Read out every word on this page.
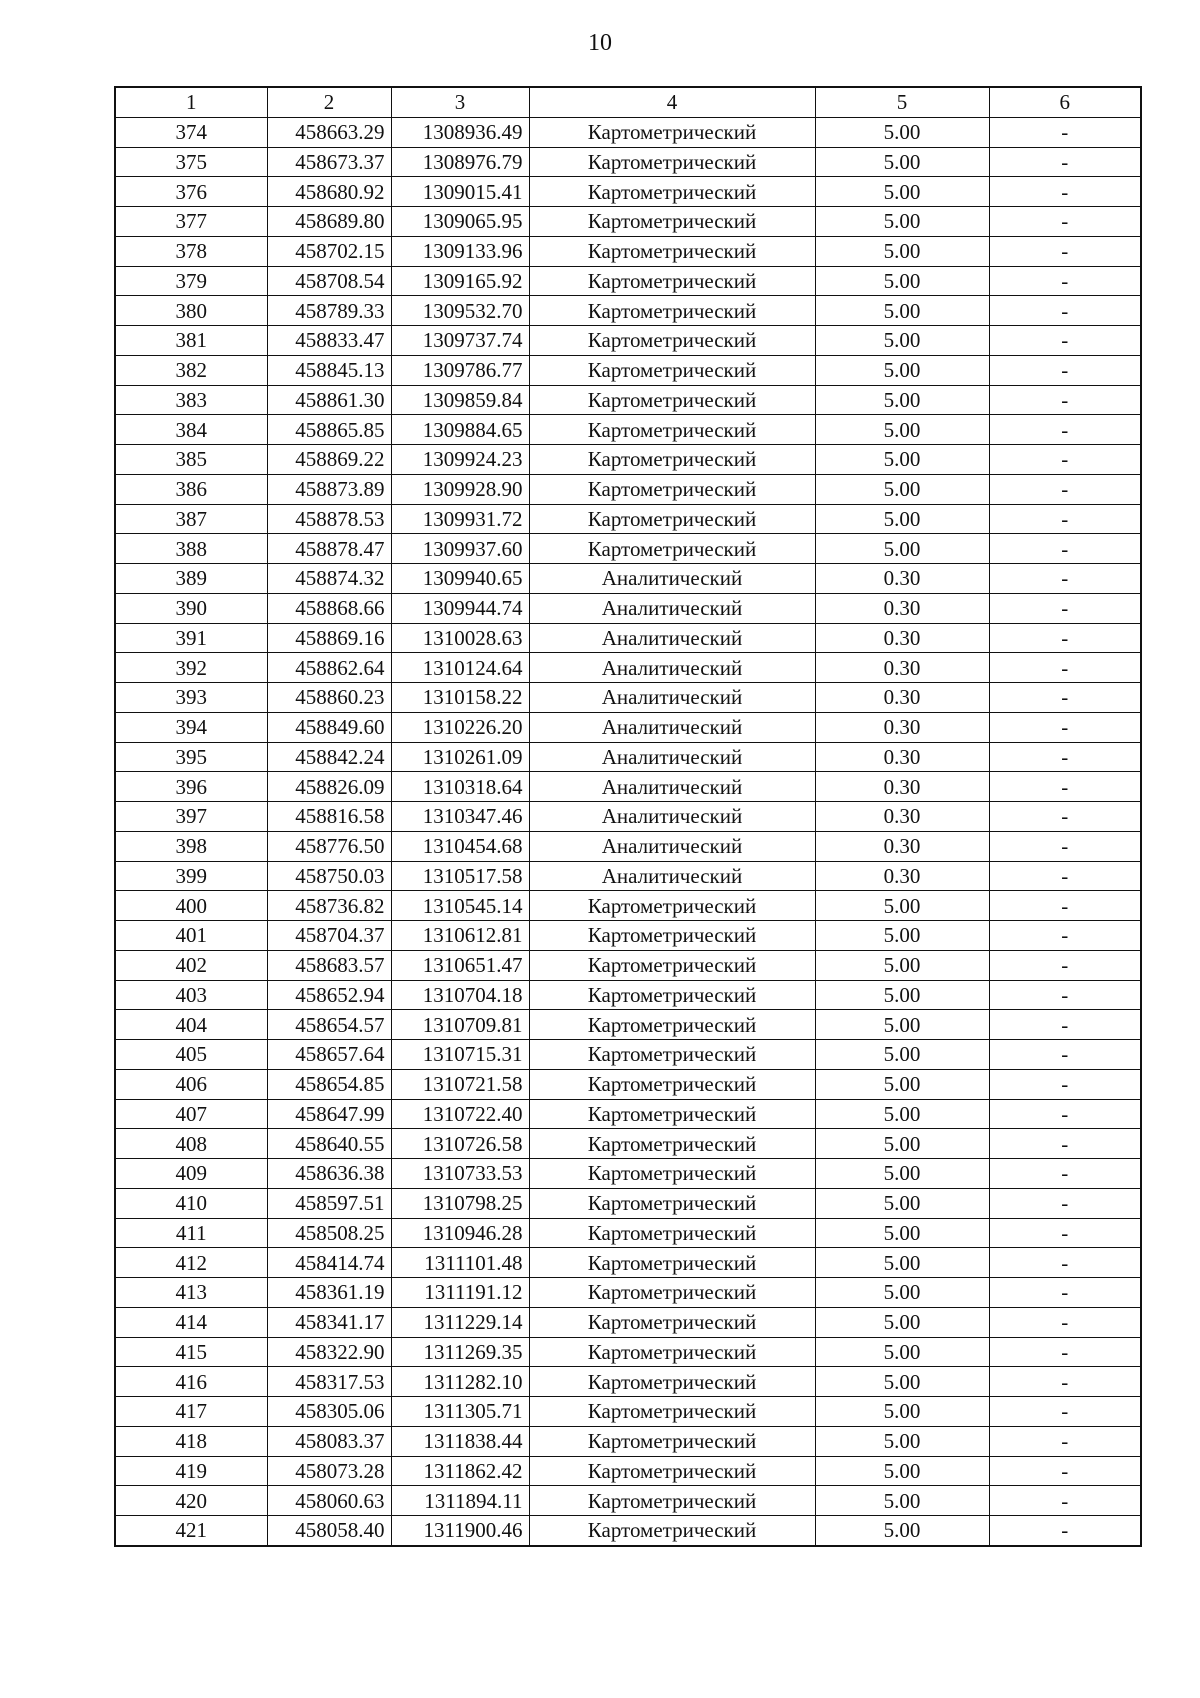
10
1	2	3	4	5	6
374	458663.29	1308936.49	Картометрический	5.00	-
375	458673.37	1308976.79	Картометрический	5.00	-
376	458680.92	1309015.41	Картометрический	5.00	-
377	458689.80	1309065.95	Картометрический	5.00	-
378	458702.15	1309133.96	Картометрический	5.00	-
379	458708.54	1309165.92	Картометрический	5.00	-
380	458789.33	1309532.70	Картометрический	5.00	-
381	458833.47	1309737.74	Картометрический	5.00	-
382	458845.13	1309786.77	Картометрический	5.00	-
383	458861.30	1309859.84	Картометрический	5.00	-
384	458865.85	1309884.65	Картометрический	5.00	-
385	458869.22	1309924.23	Картометрический	5.00	-
386	458873.89	1309928.90	Картометрический	5.00	-
387	458878.53	1309931.72	Картометрический	5.00	-
388	458878.47	1309937.60	Картометрический	5.00	-
389	458874.32	1309940.65	Аналитический	0.30	-
390	458868.66	1309944.74	Аналитический	0.30	-
391	458869.16	1310028.63	Аналитический	0.30	-
392	458862.64	1310124.64	Аналитический	0.30	-
393	458860.23	1310158.22	Аналитический	0.30	-
394	458849.60	1310226.20	Аналитический	0.30	-
395	458842.24	1310261.09	Аналитический	0.30	-
396	458826.09	1310318.64	Аналитический	0.30	-
397	458816.58	1310347.46	Аналитический	0.30	-
398	458776.50	1310454.68	Аналитический	0.30	-
399	458750.03	1310517.58	Аналитический	0.30	-
400	458736.82	1310545.14	Картометрический	5.00	-
401	458704.37	1310612.81	Картометрический	5.00	-
402	458683.57	1310651.47	Картометрический	5.00	-
403	458652.94	1310704.18	Картометрический	5.00	-
404	458654.57	1310709.81	Картометрический	5.00	-
405	458657.64	1310715.31	Картометрический	5.00	-
406	458654.85	1310721.58	Картометрический	5.00	-
407	458647.99	1310722.40	Картометрический	5.00	-
408	458640.55	1310726.58	Картометрический	5.00	-
409	458636.38	1310733.53	Картометрический	5.00	-
410	458597.51	1310798.25	Картометрический	5.00	-
411	458508.25	1310946.28	Картометрический	5.00	-
412	458414.74	1311101.48	Картометрический	5.00	-
413	458361.19	1311191.12	Картометрический	5.00	-
414	458341.17	1311229.14	Картометрический	5.00	-
415	458322.90	1311269.35	Картометрический	5.00	-
416	458317.53	1311282.10	Картометрический	5.00	-
417	458305.06	1311305.71	Картометрический	5.00	-
418	458083.37	1311838.44	Картометрический	5.00	-
419	458073.28	1311862.42	Картометрический	5.00	-
420	458060.63	1311894.11	Картометрический	5.00	-
421	458058.40	1311900.46	Картометрический	5.00	-
